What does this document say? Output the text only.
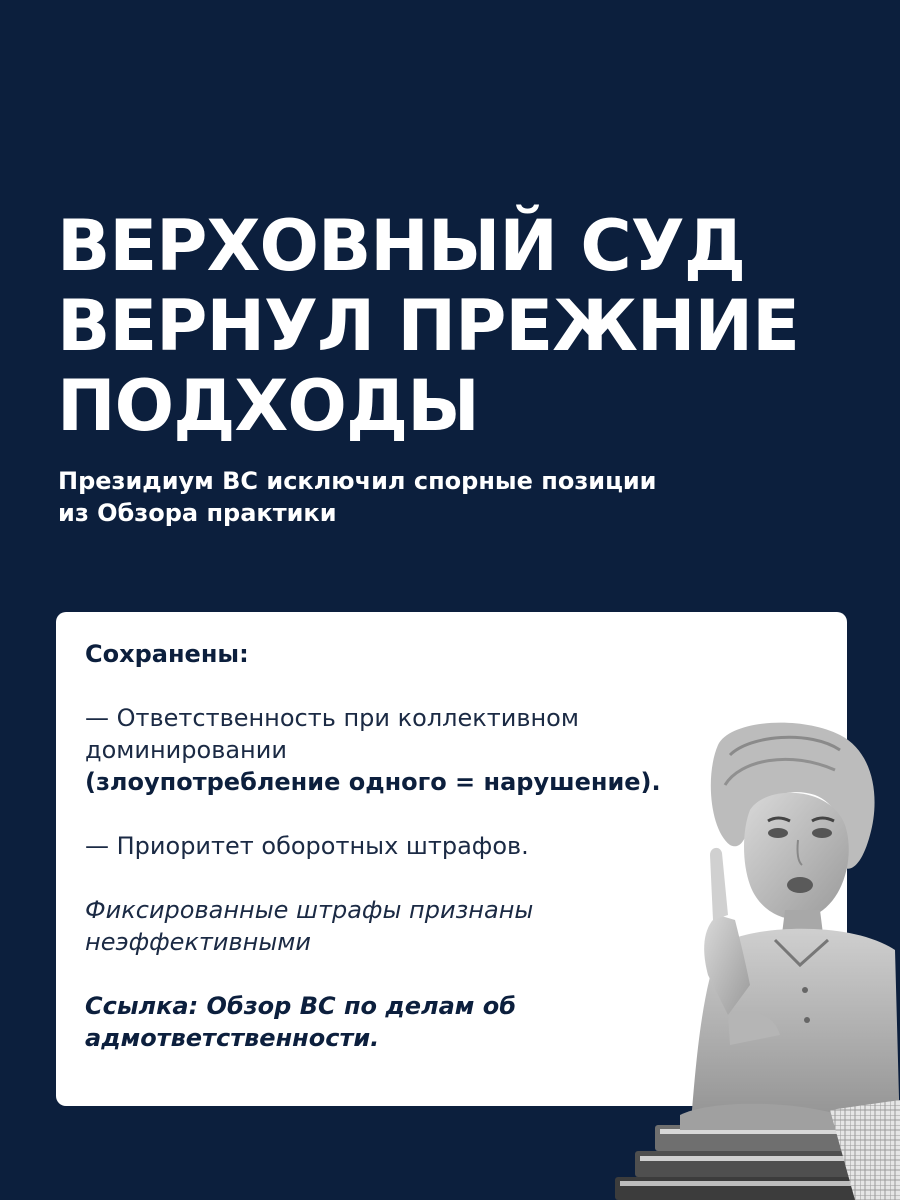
ВЕРХОВНЫЙ СУД
ВЕРНУЛ ПРЕЖНИЕ
ПОДХОДЫ

Президиум ВС исключил спорные позиции
из Обзора практики

Сохранены:

— Ответственность при коллективном
доминировании

(злоупотребление одного = нарушение).

— Приоритет оборотных штрафов.

Фиксированные штрафы признаны
неэффективными

Ссылка: Обзор ВС по делам об
адмответственности.
